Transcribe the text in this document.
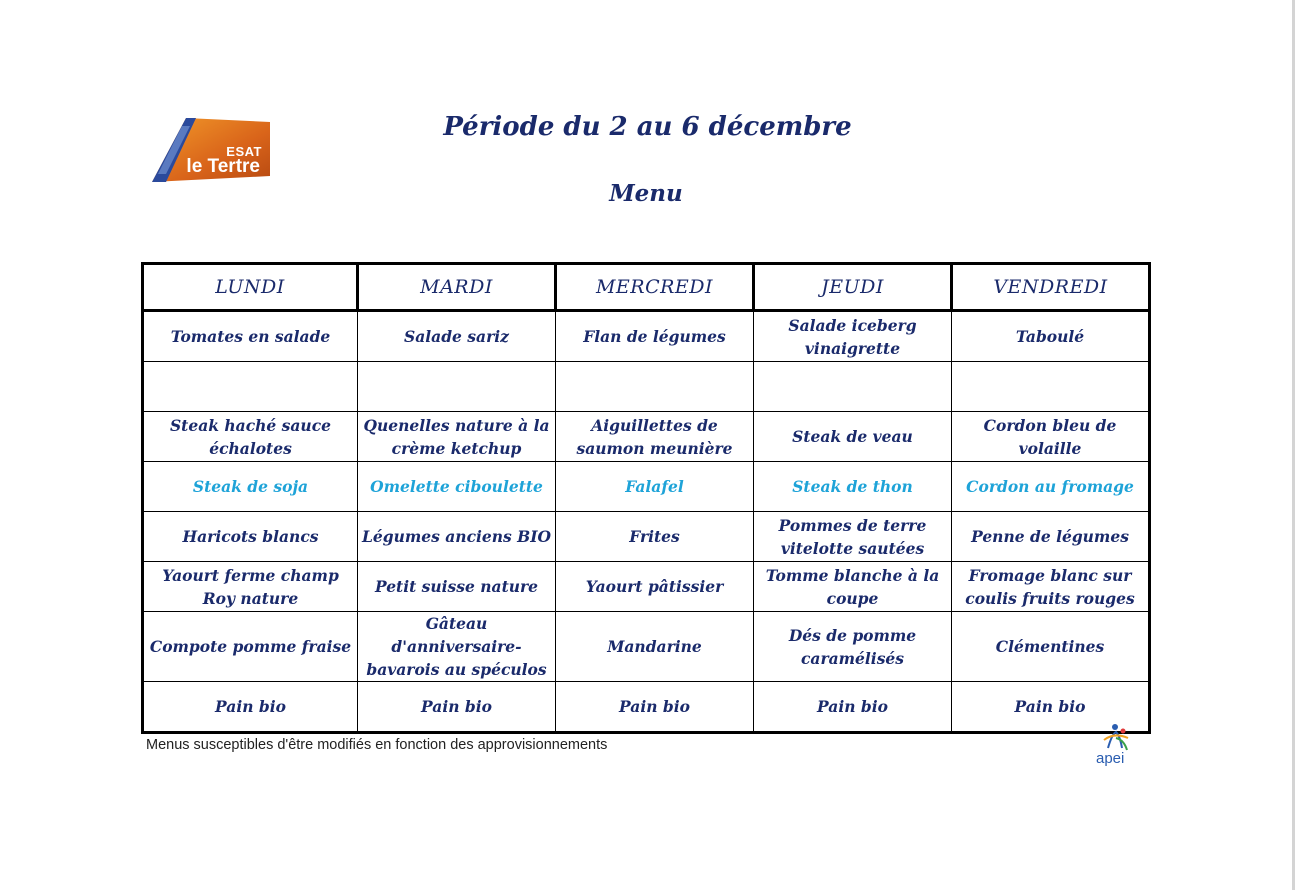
ESAT
le Tertre
Période du 2 au 6 décembre
Menu
LUNDI	MARDI	MERCREDI	JEUDI	VENDREDI
Tomates en salade	Salade sariz	Flan de légumes	Salade iceberg vinaigrette	Taboulé

Steak haché sauce échalotes	Quenelles nature à la crème ketchup	Aiguillettes de saumon meunière	Steak de veau	Cordon bleu de volaille
Steak de soja	Omelette ciboulette	Falafel	Steak de thon	Cordon au fromage
Haricots blancs	Légumes anciens BIO	Frites	Pommes de terre vitelotte sautées	Penne de légumes
Yaourt ferme champ Roy nature	Petit suisse nature	Yaourt pâtissier	Tomme blanche à la coupe	Fromage blanc sur coulis fruits rouges
Compote pomme fraise	Gâteau d'anniversaire-bavarois au spéculos	Mandarine	Dés de pomme caramélisés	Clémentines
Pain bio	Pain bio	Pain bio	Pain bio	Pain bio
Menus susceptibles d'être modifiés en fonction des approvisionnements
apei
